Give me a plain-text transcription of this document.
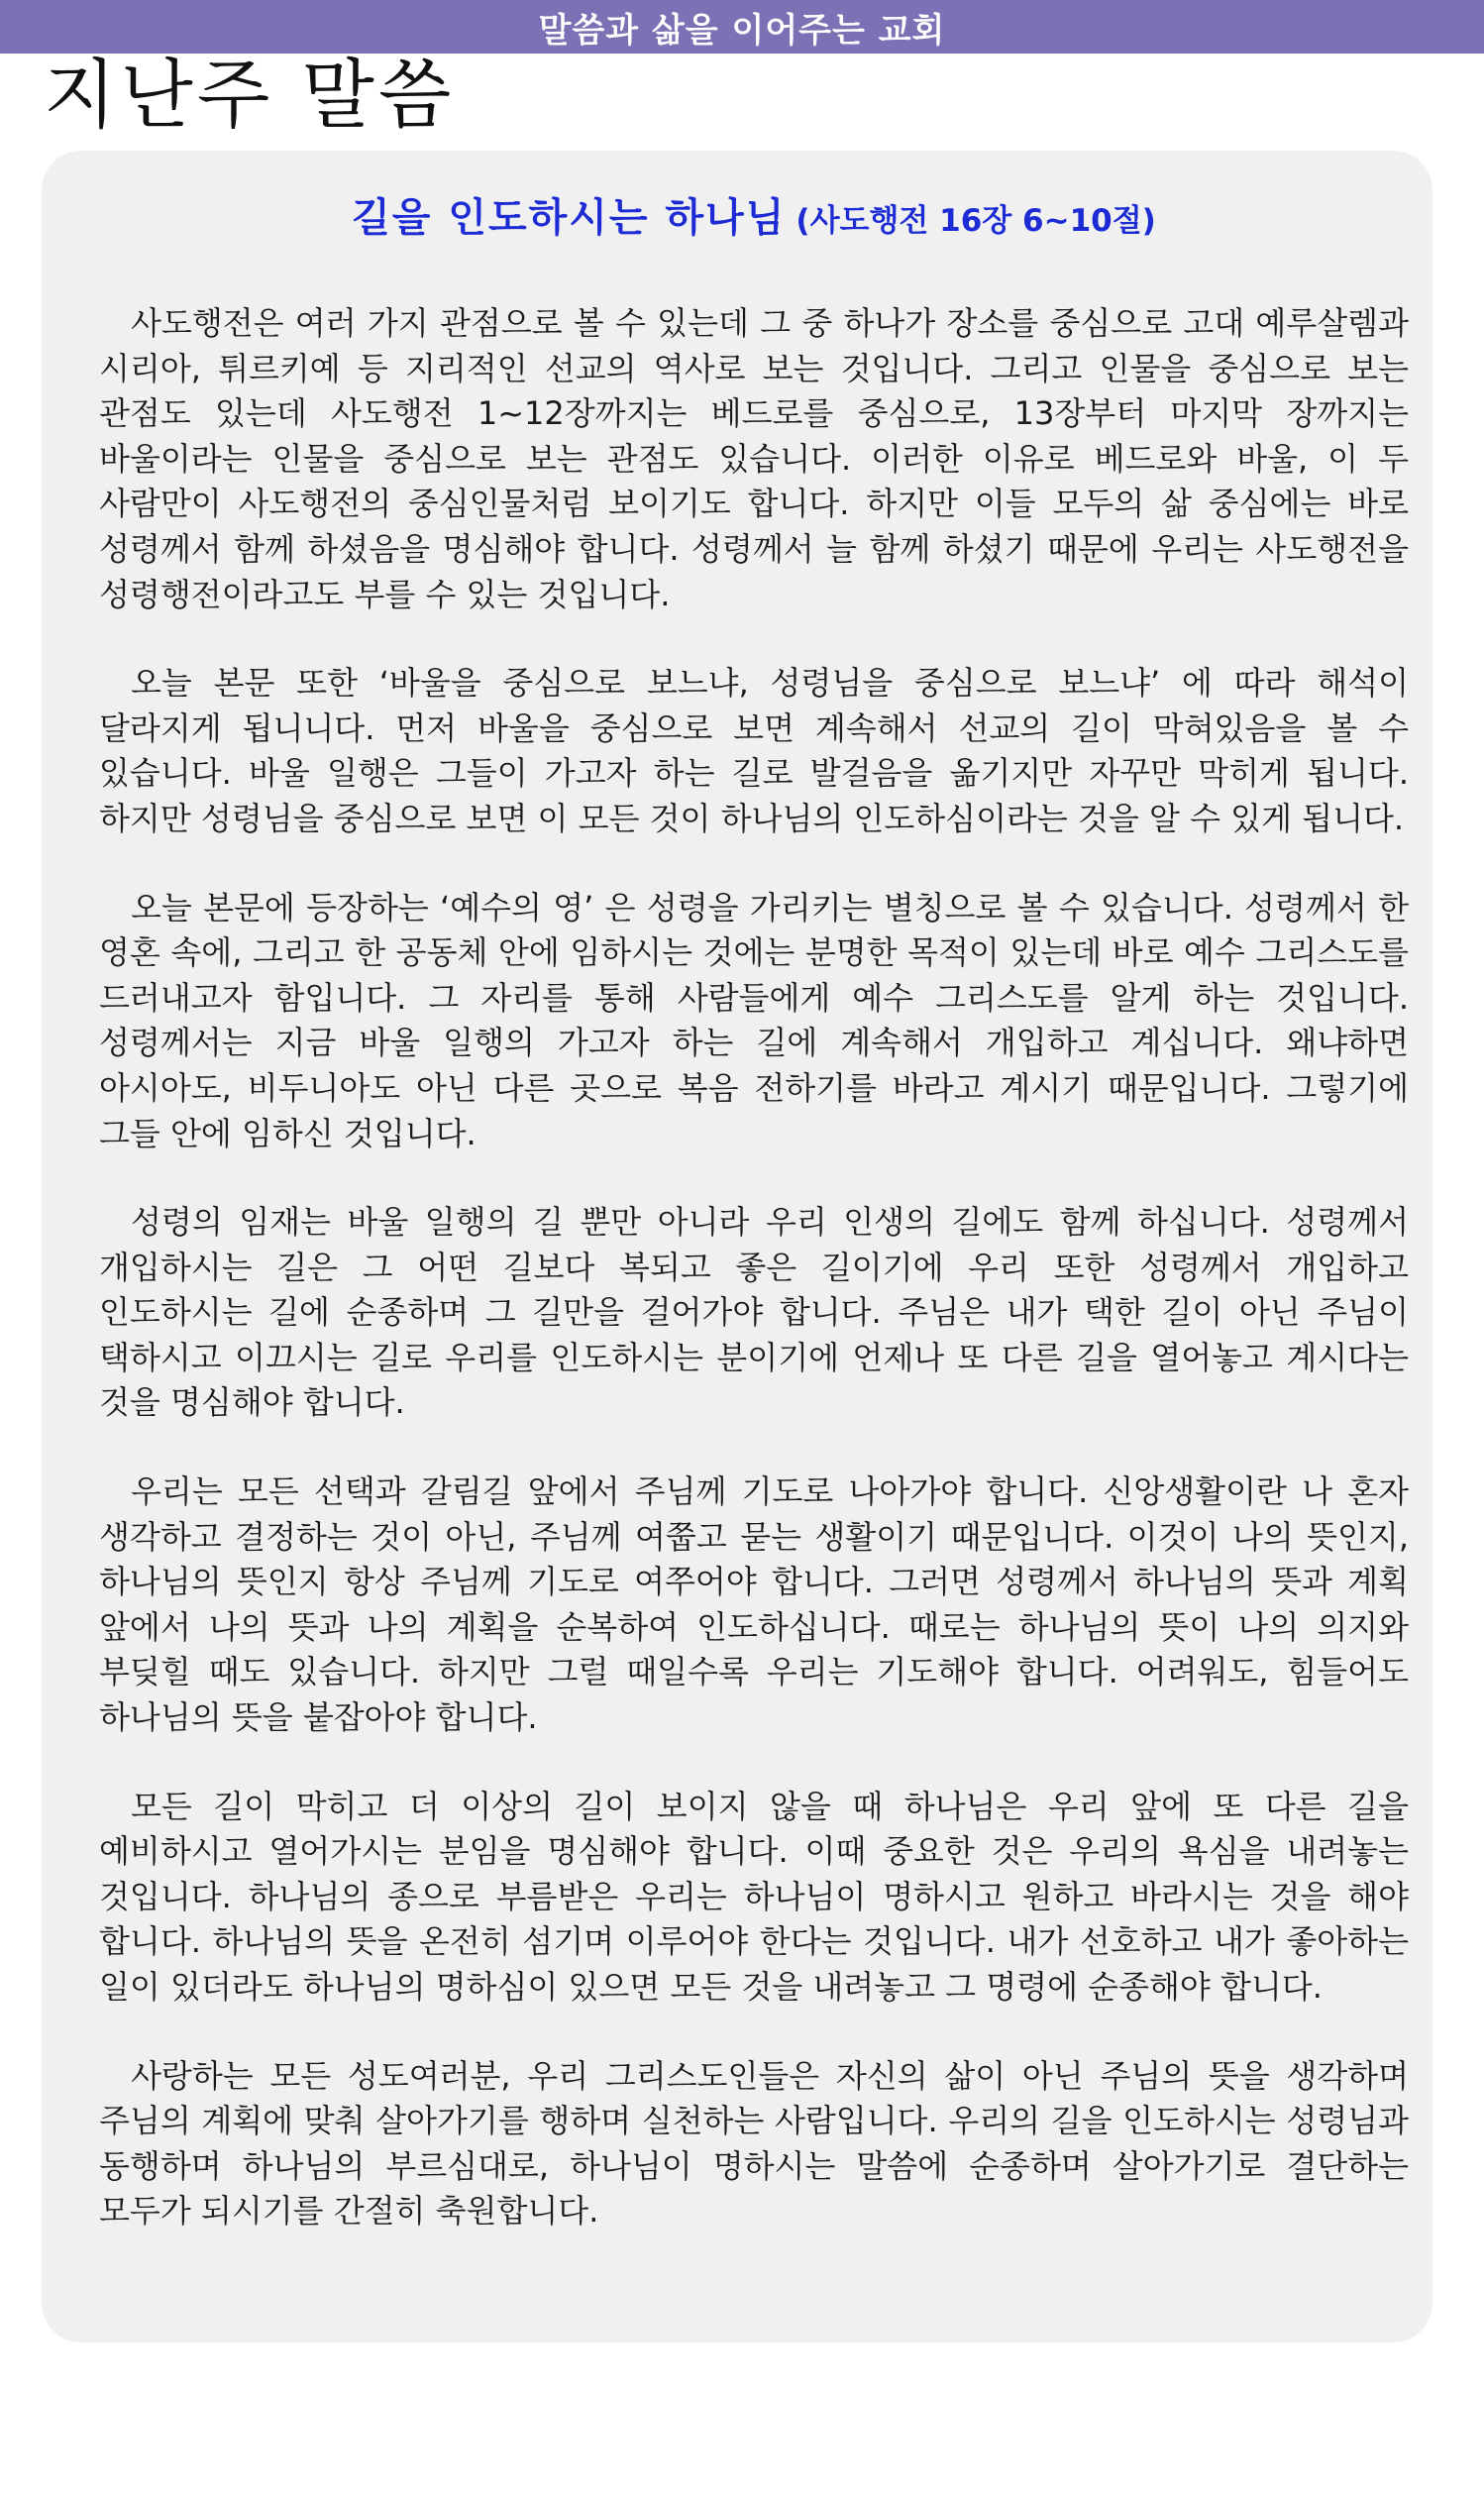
말씀과 삶을 이어주는 교회
지난주 말씀
길을 인도하시는 하나님 (사도행전 16장 6~10절)

사도행전은 여러 가지 관점으로 볼 수 있는데 그 중 하나가 장소를 중심으로 고대 예루살렘과 시리아, 튀르키예 등 지리적인 선교의 역사로 보는 것입니다. 그리고 인물을 중심으로 보는 관점도 있는데 사도행전 1~12장까지는 베드로를 중심으로, 13장부터 마지막 장까지는 바울이라는 인물을 중심으로 보는 관점도 있습니다. 이러한 이유로 베드로와 바울, 이 두 사람만이 사도행전의 중심인물처럼 보이기도 합니다. 하지만 이들 모두의 삶 중심에는 바로 성령께서 함께 하셨음을 명심해야 합니다. 성령께서 늘 함께 하셨기 때문에 우리는 사도행전을 성령행전이라고도 부를 수 있는 것입니다.

오늘 본문 또한 ‘바울을 중심으로 보느냐, 성령님을 중심으로 보느냐’ 에 따라 해석이 달라지게 됩니니다. 먼저 바울을 중심으로 보면 계속해서 선교의 길이 막혀있음을 볼 수 있습니다. 바울 일행은 그들이 가고자 하는 길로 발걸음을 옮기지만 자꾸만 막히게 됩니다. 하지만 성령님을 중심으로 보면 이 모든 것이 하나님의 인도하심이라는 것을 알 수 있게 됩니다.

오늘 본문에 등장하는 ‘예수의 영’ 은 성령을 가리키는 별칭으로 볼 수 있습니다. 성령께서 한 영혼 속에, 그리고 한 공동체 안에 임하시는 것에는 분명한 목적이 있는데 바로 예수 그리스도를 드러내고자 함입니다. 그 자리를 통해 사람들에게 예수 그리스도를 알게 하는 것입니다. 성령께서는 지금 바울 일행의 가고자 하는 길에 계속해서 개입하고 계십니다. 왜냐하면 아시아도, 비두니아도 아닌 다른 곳으로 복음 전하기를 바라고 계시기 때문입니다. 그렇기에 그들 안에 임하신 것입니다.

성령의 임재는 바울 일행의 길 뿐만 아니라 우리 인생의 길에도 함께 하십니다. 성령께서 개입하시는 길은 그 어떤 길보다 복되고 좋은 길이기에 우리 또한 성령께서 개입하고 인도하시는 길에 순종하며 그 길만을 걸어가야 합니다. 주님은 내가 택한 길이 아닌 주님이 택하시고 이끄시는 길로 우리를 인도하시는 분이기에 언제나 또 다른 길을 열어놓고 계시다는 것을 명심해야 합니다.

우리는 모든 선택과 갈림길 앞에서 주님께 기도로 나아가야 합니다. 신앙생활이란 나 혼자 생각하고 결정하는 것이 아닌, 주님께 여쭙고 묻는 생활이기 때문입니다. 이것이 나의 뜻인지, 하나님의 뜻인지 항상 주님께 기도로 여쭈어야 합니다. 그러면 성령께서 하나님의 뜻과 계획 앞에서 나의 뜻과 나의 계획을 순복하여 인도하십니다. 때로는 하나님의 뜻이 나의 의지와 부딪힐 때도 있습니다. 하지만 그럴 때일수록 우리는 기도해야 합니다. 어려워도, 힘들어도 하나님의 뜻을 붙잡아야 합니다.

모든 길이 막히고 더 이상의 길이 보이지 않을 때 하나님은 우리 앞에 또 다른 길을 예비하시고 열어가시는 분임을 명심해야 합니다. 이때 중요한 것은 우리의 욕심을 내려놓는 것입니다. 하나님의 종으로 부름받은 우리는 하나님이 명하시고 원하고 바라시는 것을 해야 합니다. 하나님의 뜻을 온전히 섬기며 이루어야 한다는 것입니다. 내가 선호하고 내가 좋아하는 일이 있더라도 하나님의 명하심이 있으면 모든 것을 내려놓고 그 명령에 순종해야 합니다.

사랑하는 모든 성도여러분, 우리 그리스도인들은 자신의 삶이 아닌 주님의 뜻을 생각하며 주님의 계획에 맞춰 살아가기를 행하며 실천하는 사람입니다. 우리의 길을 인도하시는 성령님과 동행하며 하나님의 부르심대로, 하나님이 명하시는 말씀에 순종하며 살아가기로 결단하는 모두가 되시기를 간절히 축원합니다.
